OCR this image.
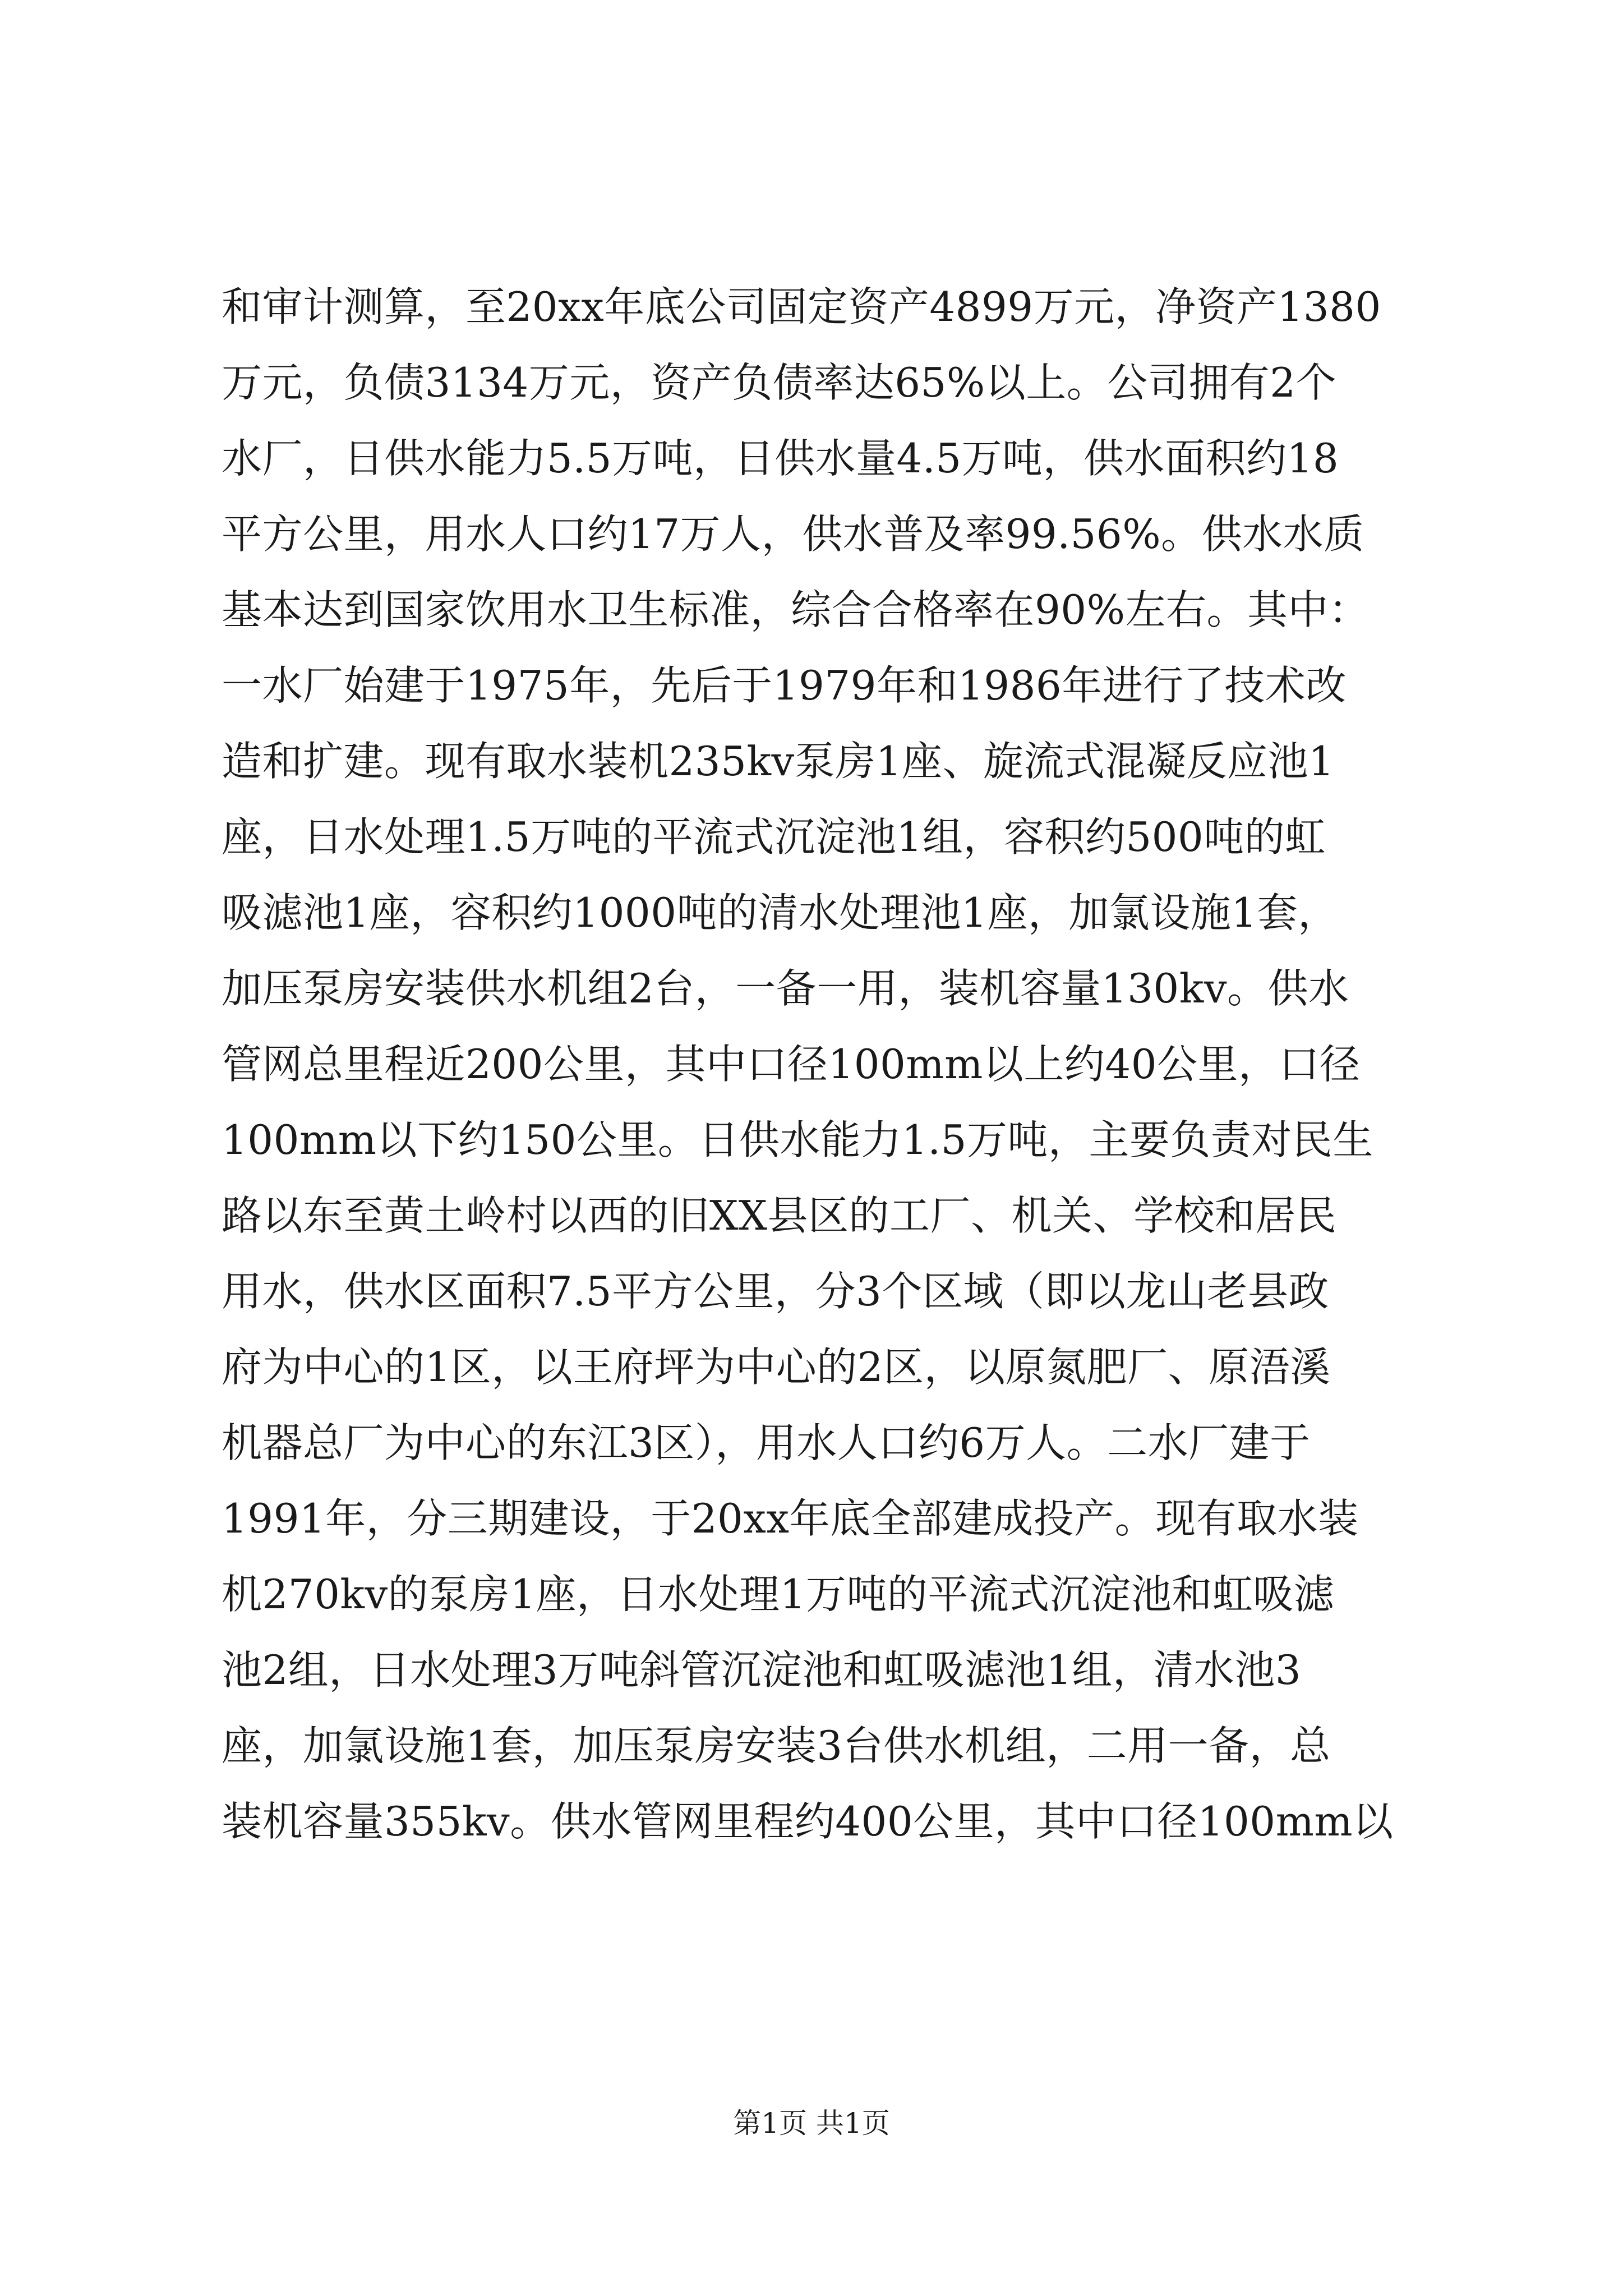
和审计测算，至20xx年底公司固定资产4899万元，净资产1380
万元，负债3134万元，资产负债率达65%以上。公司拥有2个
水厂，日供水能力5.5万吨，日供水量4.5万吨，供水面积约18
平方公里，用水人口约17万人，供水普及率99.56%。供水水质
基本达到国家饮用水卫生标准，综合合格率在90%左右。其中：
一水厂始建于1975年，先后于1979年和1986年进行了技术改
造和扩建。现有取水装机235kv泵房1座、旋流式混凝反应池1
座，日水处理1.5万吨的平流式沉淀池1组，容积约500吨的虹
吸滤池1座，容积约1000吨的清水处理池1座，加氯设施1套，
加压泵房安装供水机组2台，一备一用，装机容量130kv。供水
管网总里程近200公里，其中口径100mm以上约40公里，口径
100mm以下约150公里。日供水能力1.5万吨，主要负责对民生
路以东至黄土岭村以西的旧XX县区的工厂、机关、学校和居民
用水，供水区面积7.5平方公里，分3个区域（即以龙山老县政
府为中心的1区，以王府坪为中心的2区，以原氮肥厂、原浯溪
机器总厂为中心的东江3区），用水人口约6万人。二水厂建于
1991年，分三期建设，于20xx年底全部建成投产。现有取水装
机270kv的泵房1座，日水处理1万吨的平流式沉淀池和虹吸滤
池2组，日水处理3万吨斜管沉淀池和虹吸滤池1组，清水池3
座，加氯设施1套，加压泵房安装3台供水机组，二用一备，总
装机容量355kv。供水管网里程约400公里，其中口径100mm以
第1页 共1页
